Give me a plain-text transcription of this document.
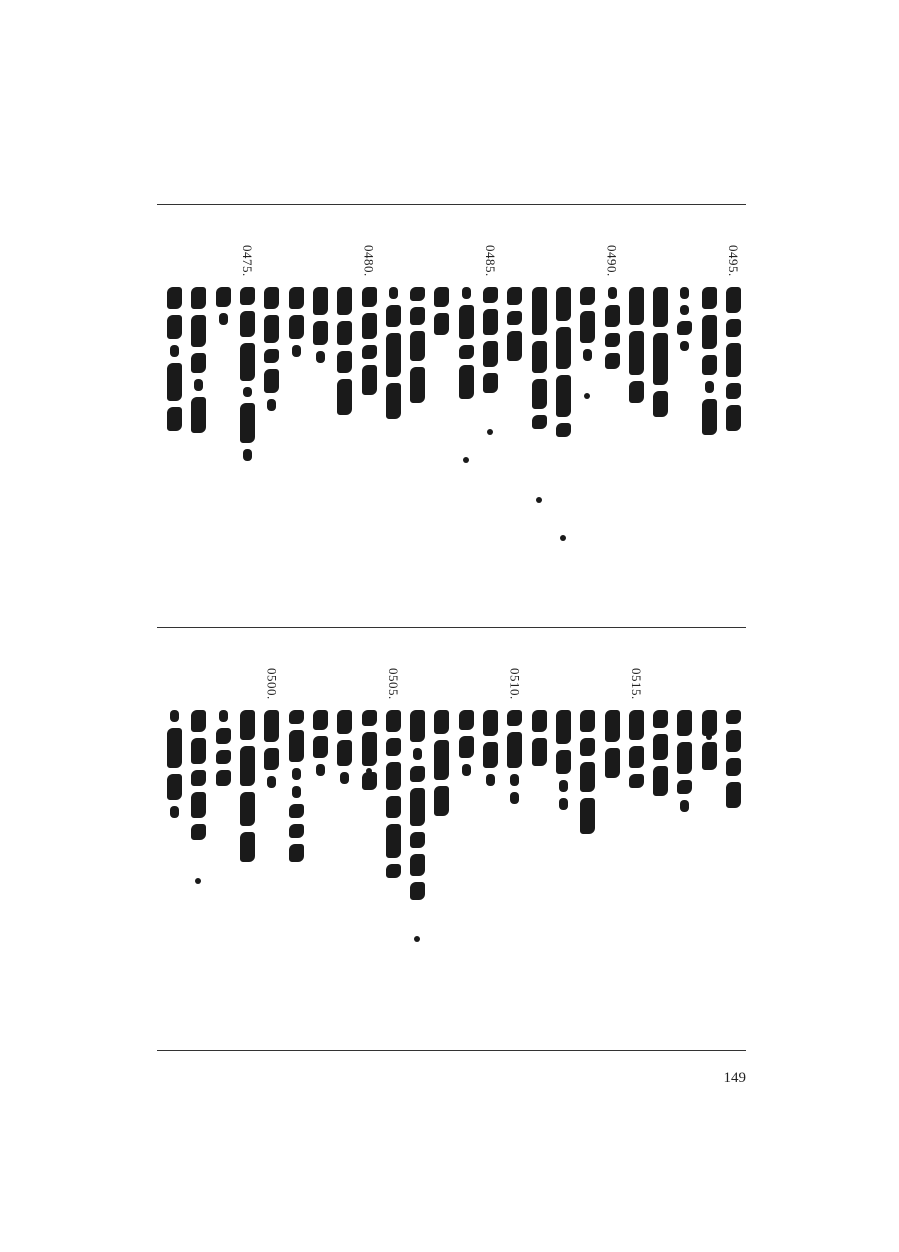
0495.
0490.
0485.
0480.
0475.
0515.
0510.
0505.
0500.
149
